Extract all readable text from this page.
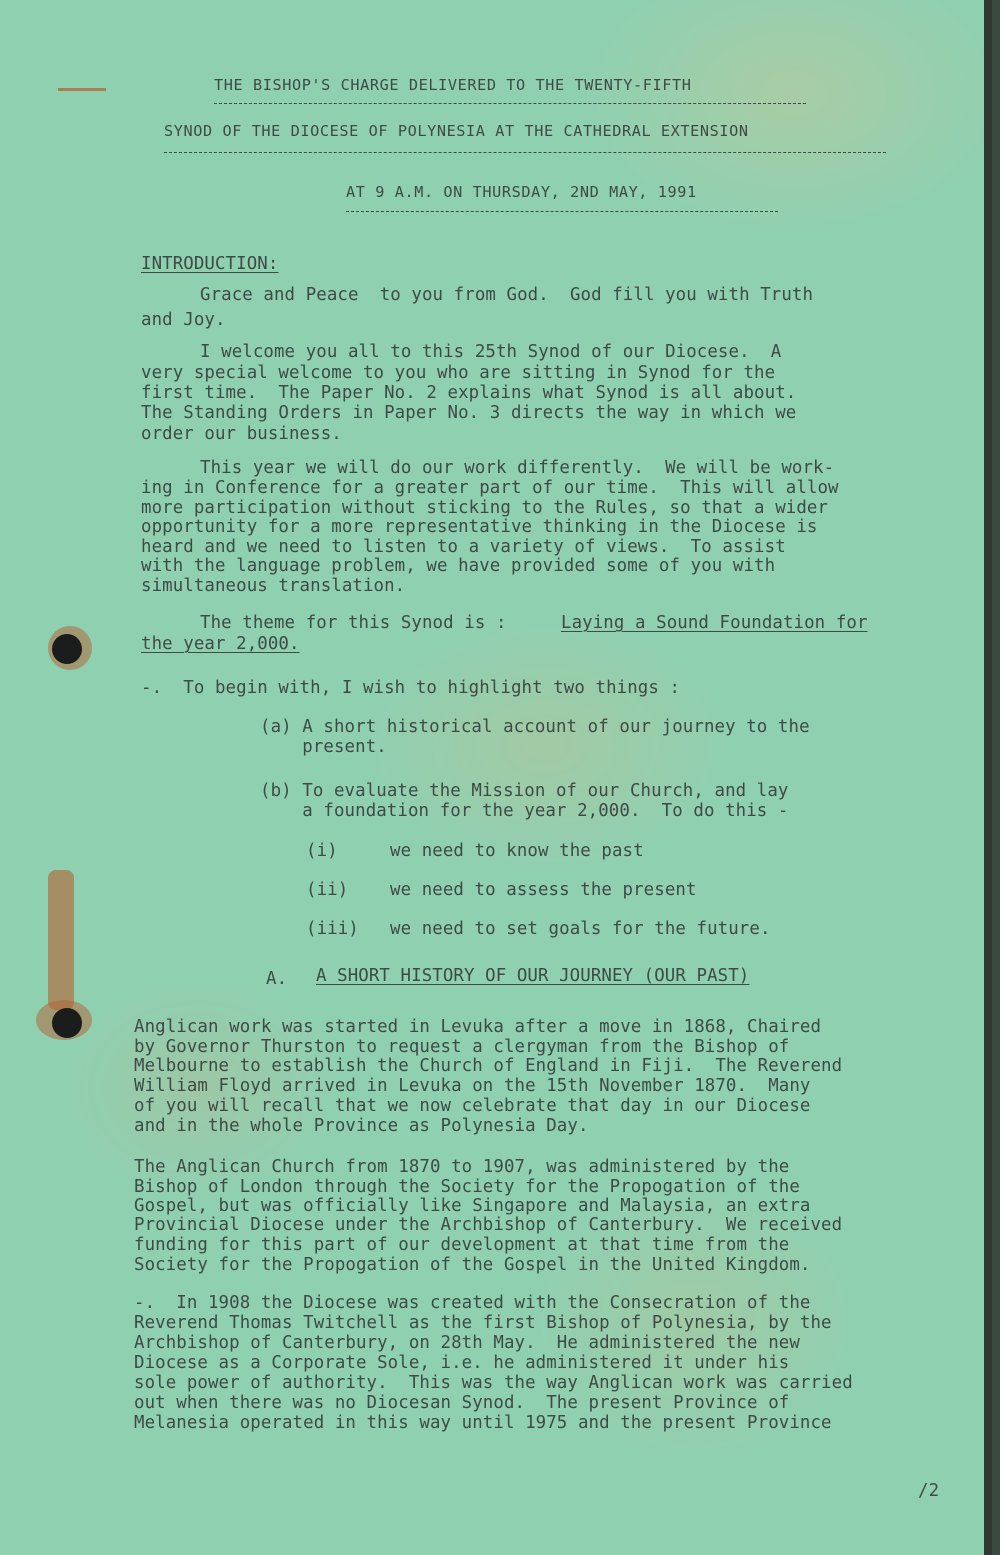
THE BISHOP'S CHARGE DELIVERED TO THE TWENTY-FIFTH
SYNOD OF THE DIOCESE OF POLYNESIA AT THE CATHEDRAL EXTENSION
AT 9 A.M. ON THURSDAY, 2ND MAY, 1991
INTRODUCTION:
Grace and Peace  to you from God.  God fill you with Truth
and Joy.
I welcome you all to this 25th Synod of our Diocese.  A
very special welcome to you who are sitting in Synod for the
first time.  The Paper No. 2 explains what Synod is all about.
The Standing Orders in Paper No. 3 directs the way in which we
order our business.
This year we will do our work differently.  We will be work-
ing in Conference for a greater part of our time.  This will allow
more participation without sticking to the Rules, so that a wider
opportunity for a more representative thinking in the Diocese is
heard and we need to listen to a variety of views.  To assist
with the language problem, we have provided some of you with
simultaneous translation.
The theme for this Synod is :	Laying a Sound Foundation for
the year 2,000.
-.  To begin with, I wish to highlight two things :
(a) A short historical account of our journey to the
present.
(b) To evaluate the Mission of our Church, and lay
a foundation for the year 2,000.  To do this -
(i)	we need to know the past
(ii) we need to assess the present
(iii) we need to set goals for the future.
A. A SHORT HISTORY OF OUR JOURNEY (OUR PAST)
Anglican work was started in Levuka after a move in 1868, Chaired
by Governor Thurston to request a clergyman from the Bishop of
Melbourne to establish the Church of England in Fiji.  The Reverend
William Floyd arrived in Levuka on the 15th November 1870.  Many
of you will recall that we now celebrate that day in our Diocese
and in the whole Province as Polynesia Day.
The Anglican Church from 1870 to 1907, was administered by the
Bishop of London through the Society for the Propogation of the
Gospel, but was officially like Singapore and Malaysia, an extra
Provincial Diocese under the Archbishop of Canterbury.  We received
funding for this part of our development at that time from the
Society for the Propogation of the Gospel in the United Kingdom.
-.  In 1908 the Diocese was created with the Consecration of the
Reverend Thomas Twitchell as the first Bishop of Polynesia, by the
Archbishop of Canterbury, on 28th May.  He administered the new
Diocese as a Corporate Sole, i.e. he administered it under his
sole power of authority.  This was the way Anglican work was carried
out when there was no Diocesan Synod.  The present Province of
Melanesia operated in this way until 1975 and the present Province
/2
